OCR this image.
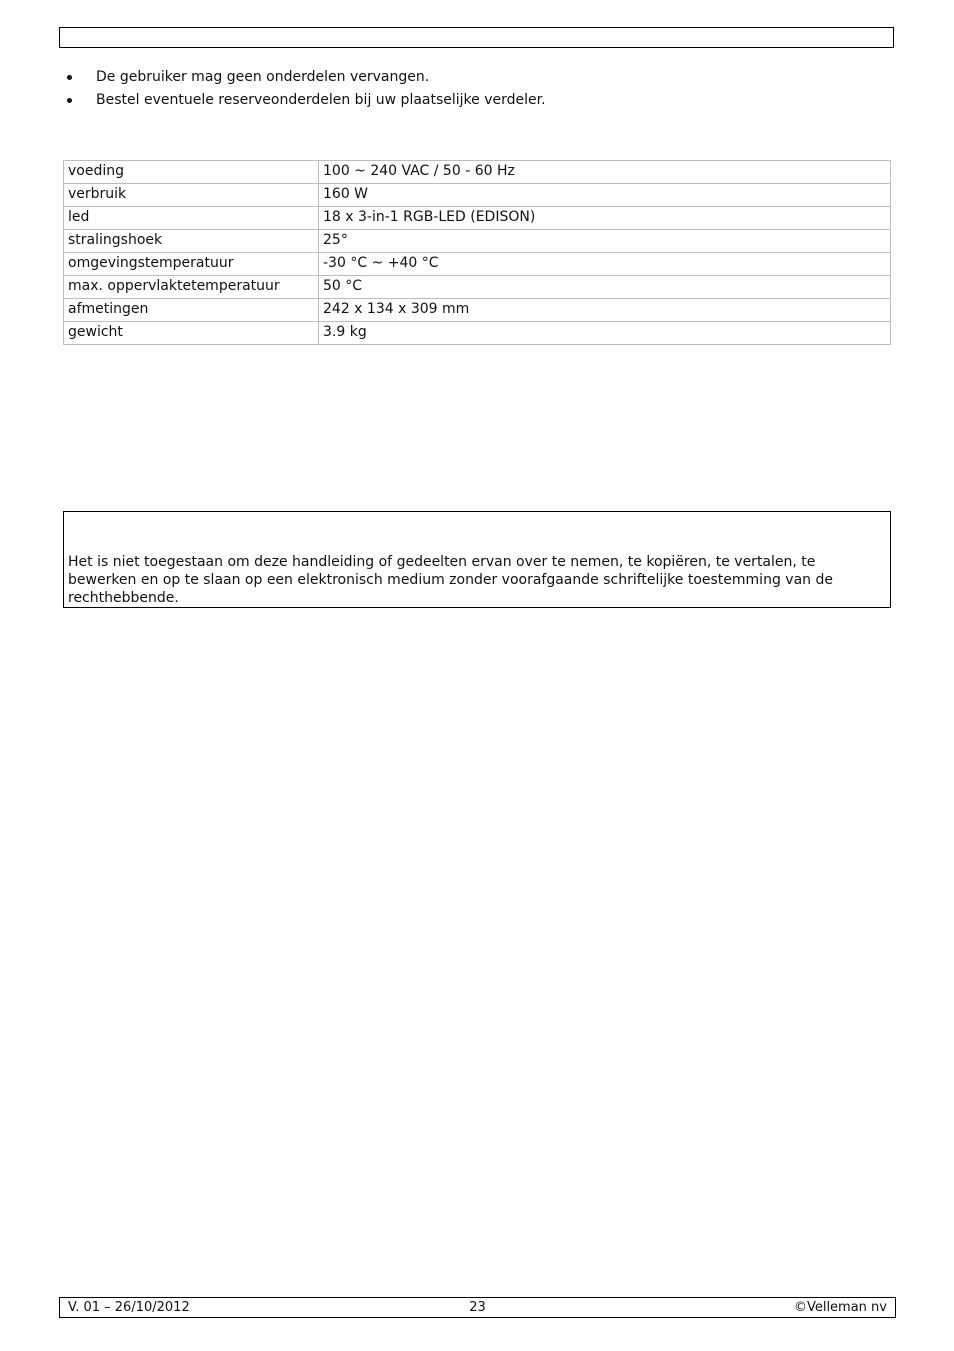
De gebruiker mag geen onderdelen vervangen.
Bestel eventuele reserveonderdelen bij uw plaatselijke verdeler.
voeding	100 ~ 240 VAC / 50 - 60 Hz
verbruik	160 W
led	18 x 3-in-1 RGB-LED (EDISON)
stralingshoek	25°
omgevingstemperatuur	-30 °C ~ +40 °C
max. oppervlaktetemperatuur	50 °C
afmetingen	242 x 134 x 309 mm
gewicht	3.9 kg

Het is niet toegestaan om deze handleiding of gedeelten ervan over te nemen, te kopiëren, te vertalen, te bewerken en op te slaan op een elektronisch medium zonder voorafgaande schriftelijke toestemming van de rechthebbende.

V. 01 – 26/10/2012	23	©Velleman nv
